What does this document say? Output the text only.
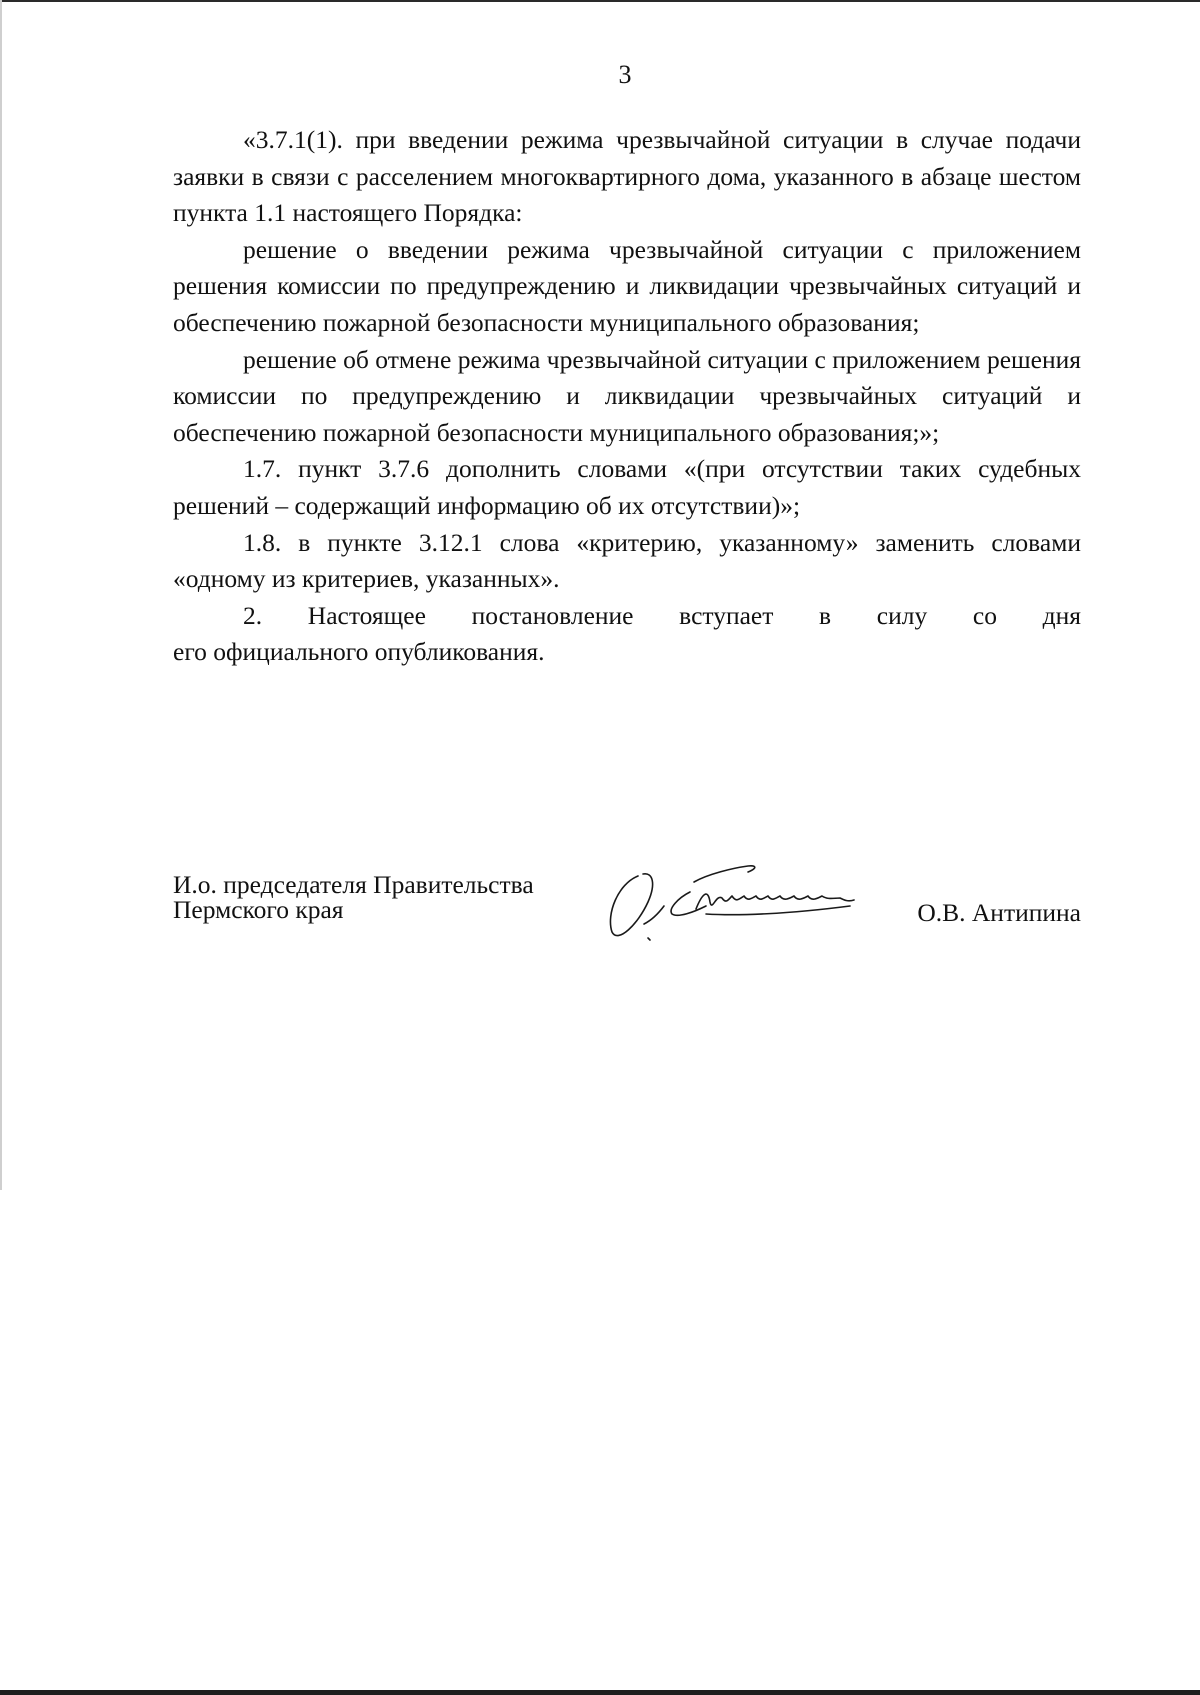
3

«3.7.1(1). при введении режима чрезвычайной ситуации в случае подачи заявки в связи с расселением многоквартирного дома, указанного в абзаце шестом пункта 1.1 настоящего Порядка:

решение о введении режима чрезвычайной ситуации с приложением решения комиссии по предупреждению и ликвидации чрезвычайных ситуаций и обеспечению пожарной безопасности муниципального образования;

решение об отмене режима чрезвычайной ситуации с приложением решения комиссии по предупреждению и ликвидации чрезвычайных ситуаций и обеспечению пожарной безопасности муниципального образования;»;

1.7. пункт 3.7.6 дополнить словами «(при отсутствии таких судебных решений – содержащий информацию об их отсутствии)»;

1.8. в пункте 3.12.1 слова «критерию, указанному» заменить словами «одному из критериев, указанных».

2. Настоящее постановление вступает в силу со дня

его официального опубликования.
И.о. председателя Правительства
Пермского края	О.В. Антипина
